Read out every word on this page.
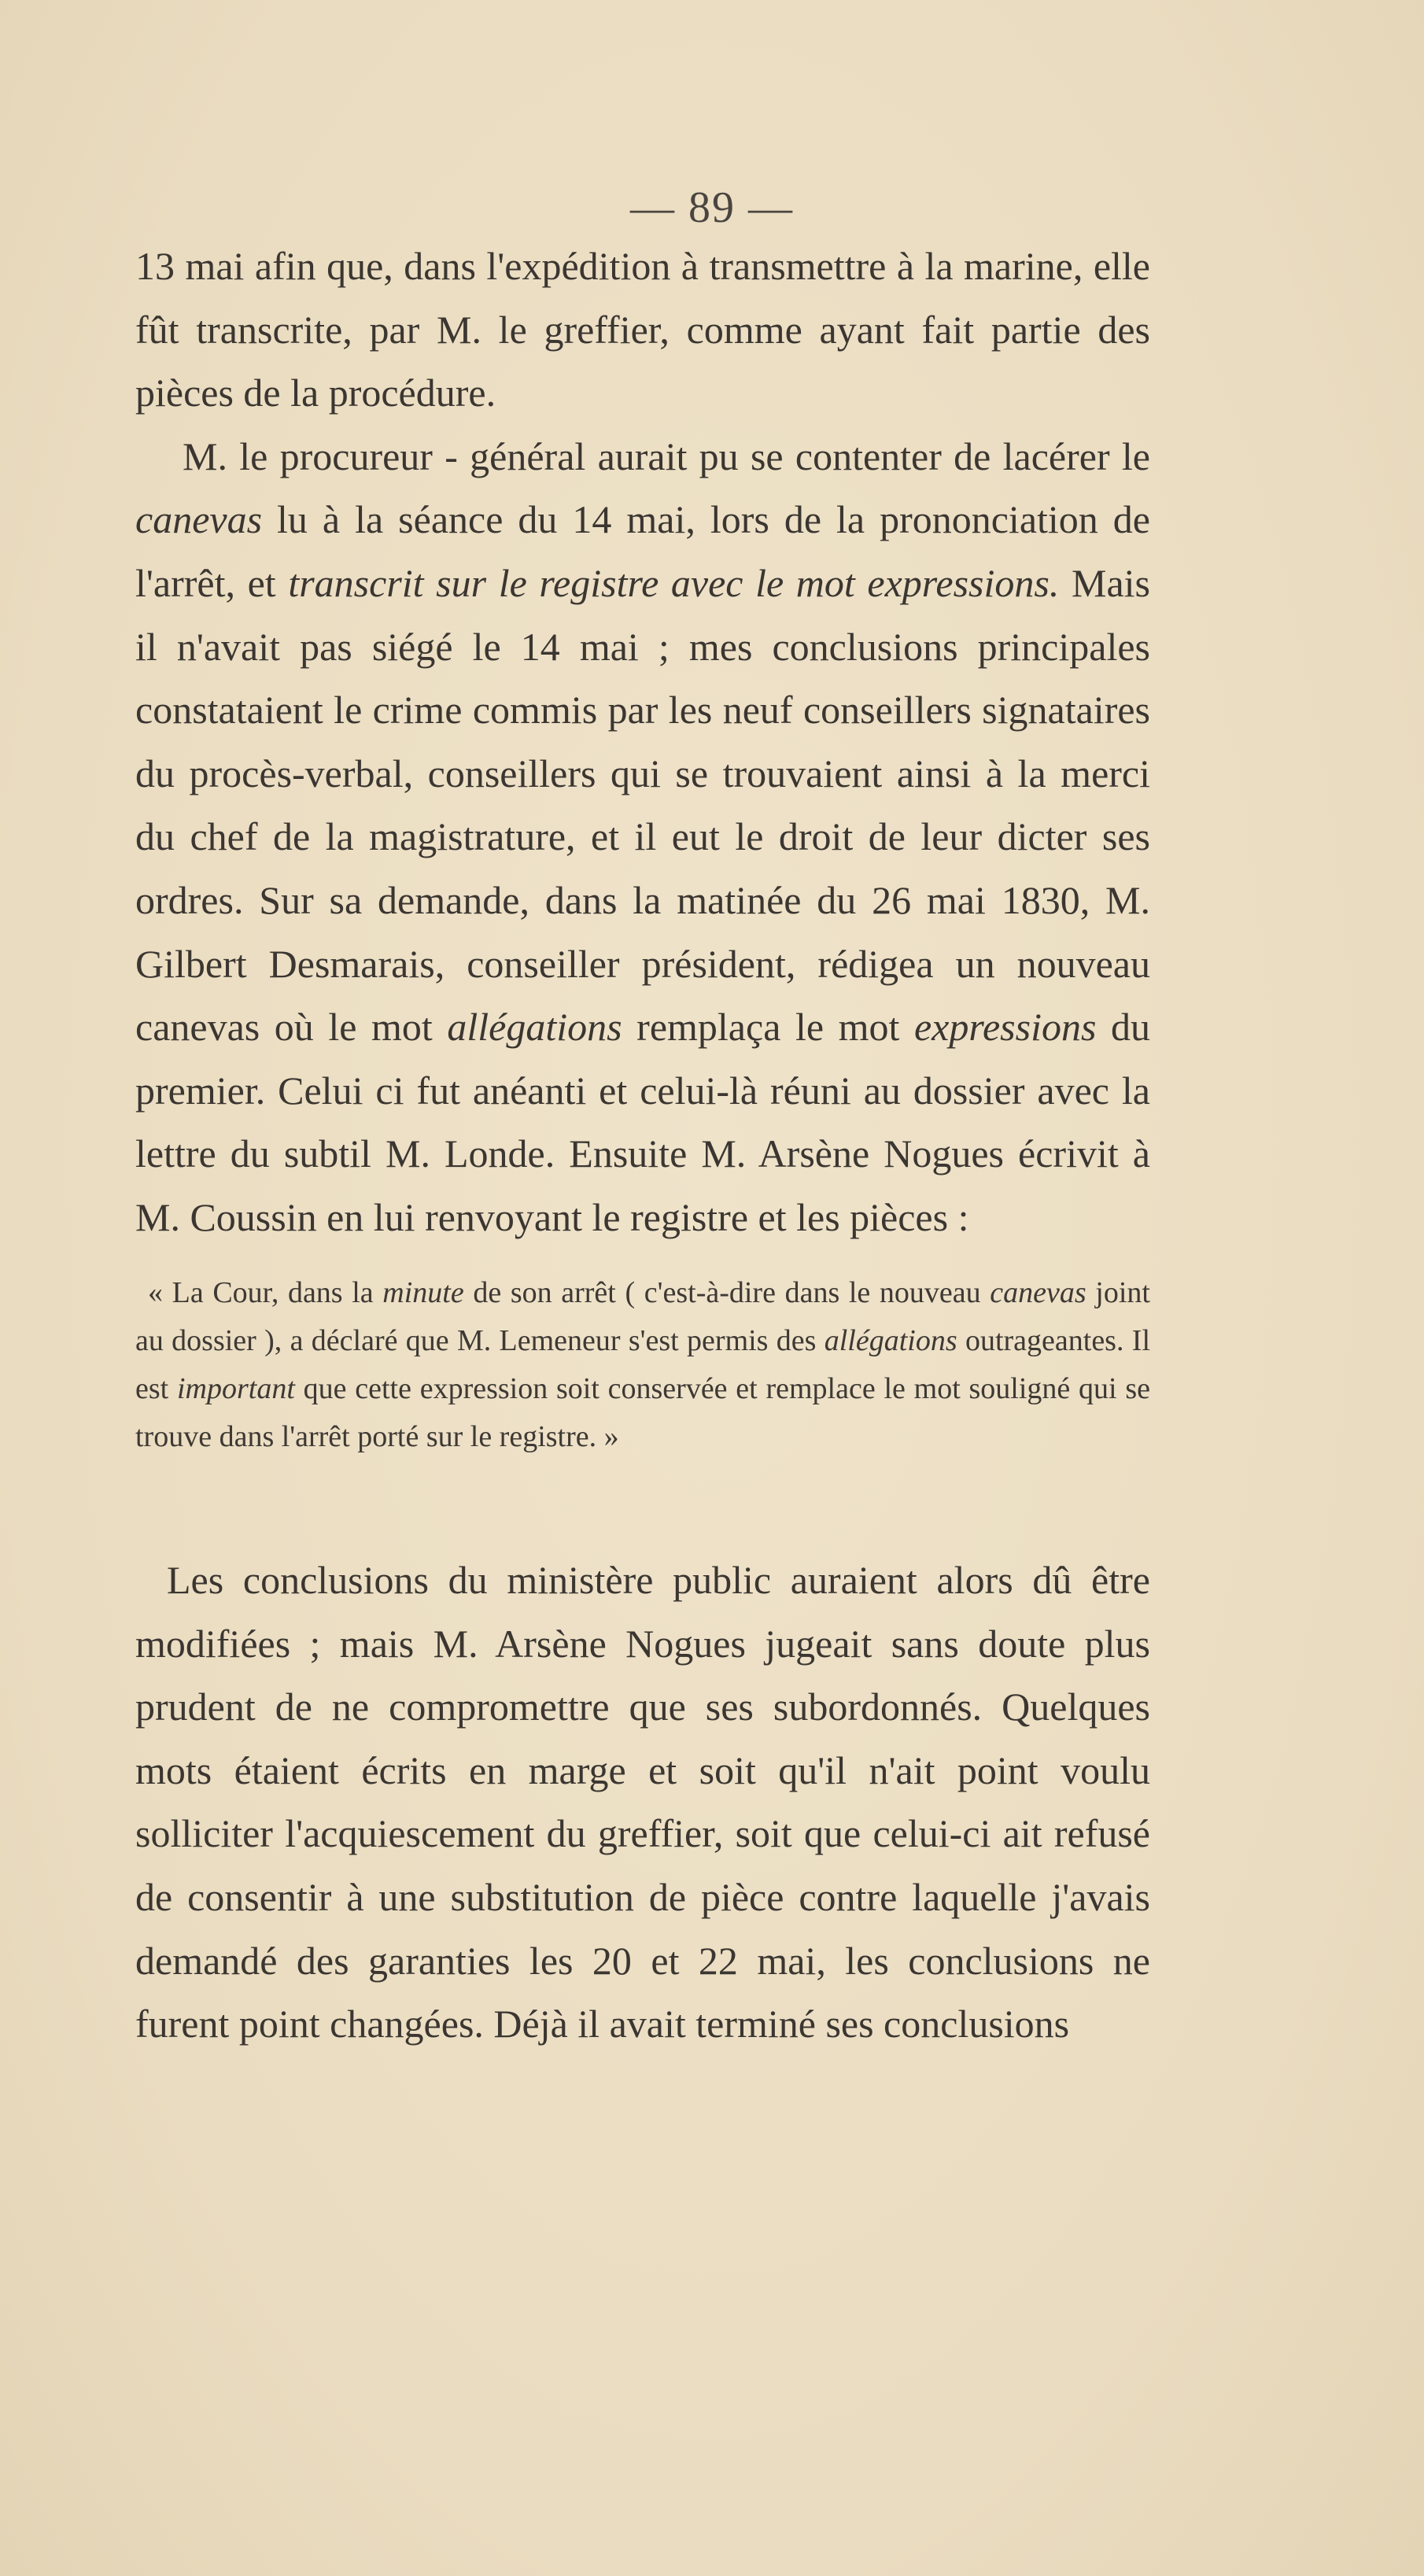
— 89 —

13 mai afin que, dans l'expédition à transmettre à la marine, elle fût transcrite, par M. le greffier, comme ayant fait partie des pièces de la procédure.

M. le procureur - général aurait pu se contenter de lacérer le canevas lu à la séance du 14 mai, lors de la prononciation de l'arrêt, et transcrit sur le registre avec le mot expressions. Mais il n'avait pas siégé le 14 mai ; mes conclusions principales constataient le crime commis par les neuf conseillers signataires du procès-verbal, conseillers qui se trouvaient ainsi à la merci du chef de la magistrature, et il eut le droit de leur dicter ses ordres. Sur sa demande, dans la matinée du 26 mai 1830, M. Gilbert Desmarais, conseiller président, rédigea un nouveau canevas où le mot allégations remplaça le mot expressions du premier. Celui ci fut anéanti et celui-là réuni au dossier avec la lettre du subtil M. Londe. Ensuite M. Arsène Nogues écrivit à M. Coussin en lui renvoyant le registre et les pièces :

« La Cour, dans la minute de son arrêt ( c'est-à-dire dans le nouveau canevas joint au dossier ), a déclaré que M. Lemeneur s'est permis des allégations outrageantes. Il est important que cette expression soit conservée et remplace le mot souligné qui se trouve dans l'arrêt porté sur le registre. »
Les conclusions du ministère public auraient alors dû être modifiées ; mais M. Arsène Nogues jugeait sans doute plus prudent de ne compromettre que ses subordonnés. Quelques mots étaient écrits en marge et soit qu'il n'ait point voulu solliciter l'acquiescement du greffier, soit que celui-ci ait refusé de consentir à une substitution de pièce contre laquelle j'avais demandé des garanties les 20 et 22 mai, les conclusions ne furent point changées. Déjà il avait terminé ses conclusions
